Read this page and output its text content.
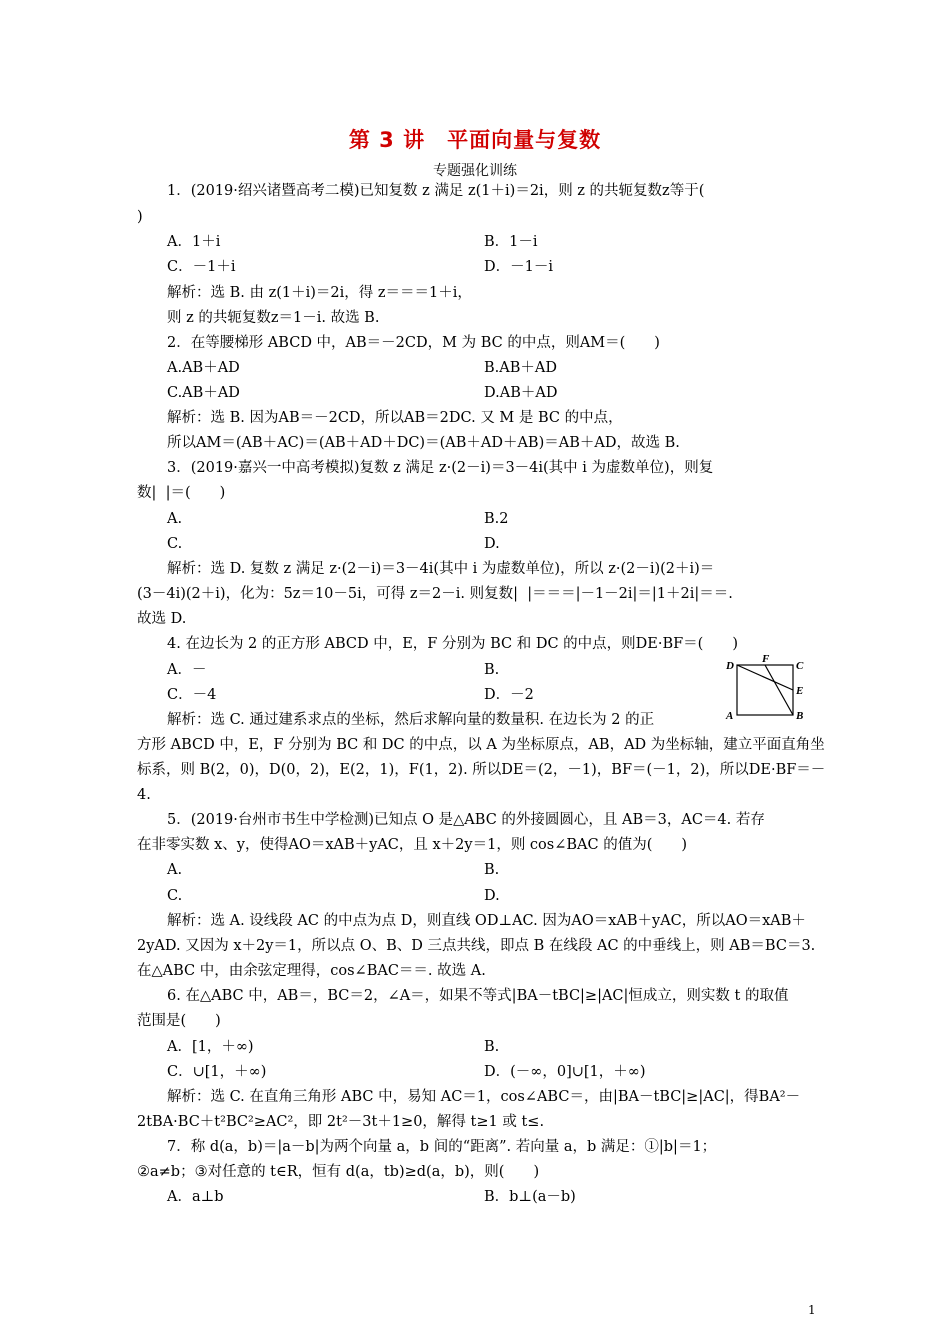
第 3 讲　平面向量与复数
专题强化训练
1．(2019·绍兴诸暨高考二模)已知复数 z 满足 z(1＋i)＝2i，则 z 的共轭复数z等于(
)
A．1＋i	B．1－i
C．－1＋i	D．－1－i
解析：选 B. 由 z(1＋i)＝2i，得 z＝＝＝1＋i，
则 z 的共轭复数z＝1－i. 故选 B.
2．在等腰梯形 ABCD 中，AB＝－2CD，M 为 BC 的中点，则AM＝(　　)
A.AB＋AD	B.AB＋AD
C.AB＋AD	D.AB＋AD
解析：选 B. 因为AB＝－2CD，所以AB＝2DC. 又 M 是 BC 的中点，
所以AM＝(AB＋AC)＝(AB＋AD＋DC)＝(AB＋AD＋AB)＝AB＋AD，故选 B.
3．(2019·嘉兴一中高考模拟)复数 z 满足 z·(2－i)＝3－4i(其中 i 为虚数单位)，则复
数|  |＝(　　)
A.	B.2
C.	D.
解析：选 D. 复数 z 满足 z·(2－i)＝3－4i(其中 i 为虚数单位)，所以 z·(2－i)(2＋i)＝
(3－4i)(2＋i)，化为：5z＝10－5i，可得 z＝2－i. 则复数|  |＝＝＝|－1－2i|＝|1＋2i|＝＝.
故选 D.
4. 在边长为 2 的正方形 ABCD 中，E，F 分别为 BC 和 DC 的中点，则DE·BF＝(　　)
A．－	B.
C．－4	D．－2
解析：选 C. 通过建系求点的坐标，然后求解向量的数量积. 在边长为 2 的正
方形 ABCD 中，E，F 分别为 BC 和 DC 的中点，以 A 为坐标原点，AB，AD 为坐标轴，建立平面直角坐
标系，则 B(2，0)，D(0，2)，E(2，1)，F(1，2). 所以DE＝(2，－1)，BF＝(－1，2)，所以DE·BF＝－
4.
5．(2019·台州市书生中学检测)已知点 O 是△ABC 的外接圆圆心，且 AB＝3，AC＝4. 若存
在非零实数 x、y，使得AO＝xAB＋yAC，且 x＋2y＝1，则 cos∠BAC 的值为(　　)
A.	B.
C.	D.
解析：选 A. 设线段 AC 的中点为点 D，则直线 OD⊥AC. 因为AO＝xAB＋yAC，所以AO＝xAB＋
2yAD. 又因为 x＋2y＝1，所以点 O、B、D 三点共线，即点 B 在线段 AC 的中垂线上，则 AB＝BC＝3.
在△ABC 中，由余弦定理得，cos∠BAC＝＝. 故选 A.
6. 在△ABC 中，AB＝，BC＝2，∠A＝，如果不等式|BA－tBC|≥|AC|恒成立，则实数 t 的取值
范围是(　　)
A．[1，＋∞)	B.
C．∪[1，＋∞)	D．(－∞，0]∪[1，＋∞)
解析：选 C. 在直角三角形 ABC 中，易知 AC＝1，cos∠ABC＝，由|BA－tBC|≥|AC|，得BA²－
2tBA·BC＋t²BC²≥AC²，即 2t²－3t＋1≥0，解得 t≥1 或 t≤.
7．称 d(a，b)＝|a－b|为两个向量 a，b 间的“距离”. 若向量 a，b 满足：①|b|＝1；
②a≠b；③对任意的 t∈R，恒有 d(a，tb)≥d(a，b)，则(　　)
A．a⊥b	B．b⊥(a－b)
D
F
C
E
A	B
1
